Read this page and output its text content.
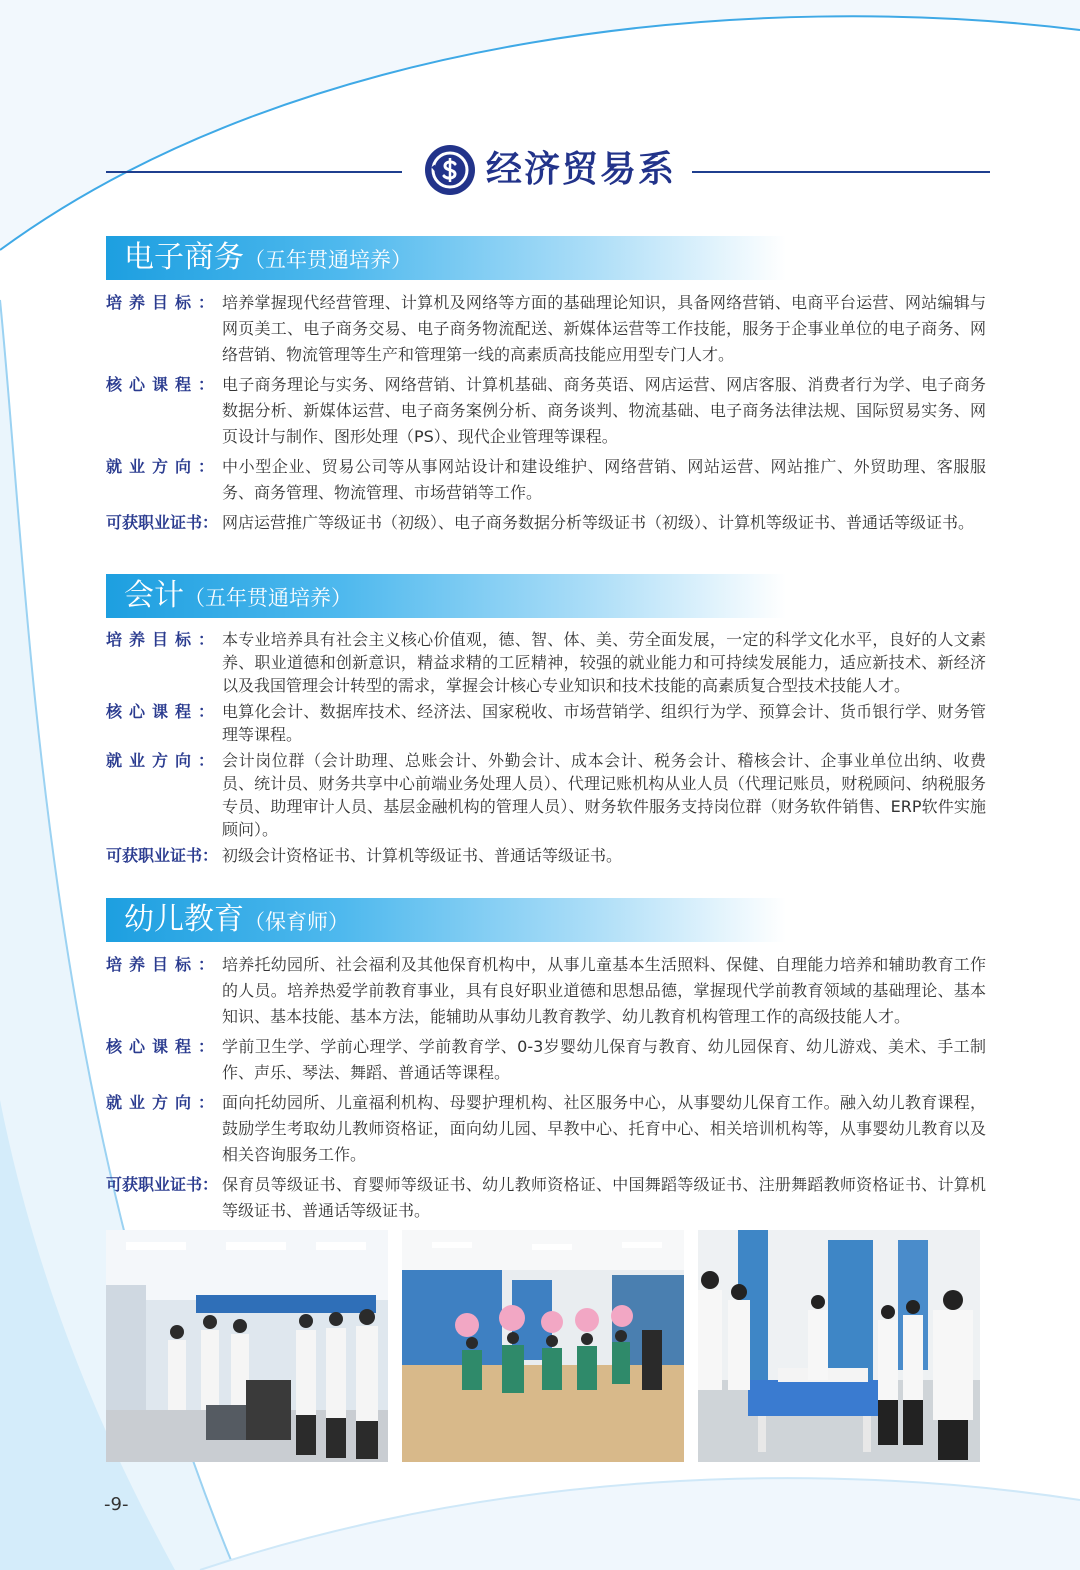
经济贸易系
电子商务（五年贯通培养）
培养目标： 培养掌握现代经营管理、计算机及网络等方面的基础理论知识，具备网络营销、电商平台运营、网站编辑与网页美工、电子商务交易、电子商务物流配送、新媒体运营等工作技能，服务于企事业单位的电子商务、网络营销、物流管理等生产和管理第一线的高素质高技能应用型专门人才。
核心课程： 电子商务理论与实务、网络营销、计算机基础、商务英语、网店运营、网店客服、消费者行为学、电子商务数据分析、新媒体运营、电子商务案例分析、商务谈判、物流基础、电子商务法律法规、国际贸易实务、网页设计与制作、图形处理（PS）、现代企业管理等课程。
就业方向： 中小型企业、贸易公司等从事网站设计和建设维护、网络营销、网站运营、网站推广、外贸助理、客服服务、商务管理、物流管理、市场营销等工作。
可获职业证书： 网店运营推广等级证书（初级）、电子商务数据分析等级证书（初级）、计算机等级证书、普通话等级证书。
会计（五年贯通培养）
培养目标： 本专业培养具有社会主义核心价值观，德、智、体、美、劳全面发展，一定的科学文化水平，良好的人文素养、职业道德和创新意识，精益求精的工匠精神，较强的就业能力和可持续发展能力，适应新技术、新经济以及我国管理会计转型的需求，掌握会计核心专业知识和技术技能的高素质复合型技术技能人才。
核心课程： 电算化会计、数据库技术、经济法、国家税收、市场营销学、组织行为学、预算会计、货币银行学、财务管理等课程。
就业方向： 会计岗位群（会计助理、总账会计、外勤会计、成本会计、税务会计、稽核会计、企事业单位出纳、收费员、统计员、财务共享中心前端业务处理人员）、代理记账机构从业人员（代理记账员，财税顾问、纳税服务专员、助理审计人员、基层金融机构的管理人员）、财务软件服务支持岗位群（财务软件销售、ERP软件实施顾问）。
可获职业证书： 初级会计资格证书、计算机等级证书、普通话等级证书。
幼儿教育（保育师）
培养目标： 培养托幼园所、社会福利及其他保育机构中，从事儿童基本生活照料、保健、自理能力培养和辅助教育工作的人员。培养热爱学前教育事业，具有良好职业道德和思想品德，掌握现代学前教育领域的基础理论、基本知识、基本技能、基本方法，能辅助从事幼儿教育教学、幼儿教育机构管理工作的高级技能人才。
核心课程： 学前卫生学、学前心理学、学前教育学、0-3岁婴幼儿保育与教育、幼儿园保育、幼儿游戏、美术、手工制作、声乐、琴法、舞蹈、普通话等课程。
就业方向： 面向托幼园所、儿童福利机构、母婴护理机构、社区服务中心，从事婴幼儿保育工作。融入幼儿教育课程，鼓励学生考取幼儿教师资格证，面向幼儿园、早教中心、托育中心、相关培训机构等，从事婴幼儿教育以及相关咨询服务工作。
可获职业证书： 保育员等级证书、育婴师等级证书、幼儿教师资格证、中国舞蹈等级证书、注册舞蹈教师资格证书、计算机等级证书、普通话等级证书。
-9-
